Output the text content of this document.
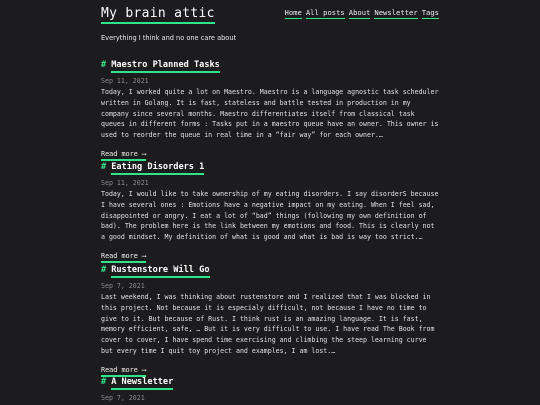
My brain attic	Home All posts About Newsletter Tags
Everything I think and no one care about
# Maestro Planned Tasks
Sep 11, 2021
Today, I worked quite a lot on Maestro. Maestro is a language agnostic task scheduler written in Golang. It is fast, stateless and battle tested in production in my company since several months. Maestro differentiates itself from classical task queues in different forms : Tasks put in a maestro queue have an owner. This owner is used to reorder the queue in real time in a “fair way” for each owner.…
Read more ⟶
# Eating Disorders 1
Sep 11, 2021
Today, I would like to take ownership of my eating disorders. I say disorderS because I have several ones : Emotions have a negative impact on my eating. When I feel sad, disappointed or angry. I eat a lot of “bad” things (following my own definition of bad). The problem here is the link between my emotions and food. This is clearly not a good mindset. My definition of what is good and what is bad is way too strict.…
Read more ⟶
# Rustenstore Will Go
Sep 7, 2021
Last weekend, I was thinking about rustenstore and I realized that I was blocked in this project. Not because it is especialy difficult, not because I have no time to give to it. But because of Rust. I think rust is an amazing language. It is fast, memory efficient, safe, … But it is very difficult to use. I have read The Book from cover to cover, I have spend time exercising and climbing the steep learning curve but every time I quit toy project and examples, I am lost.…
Read more ⟶
# A Newsletter
Sep 7, 2021
